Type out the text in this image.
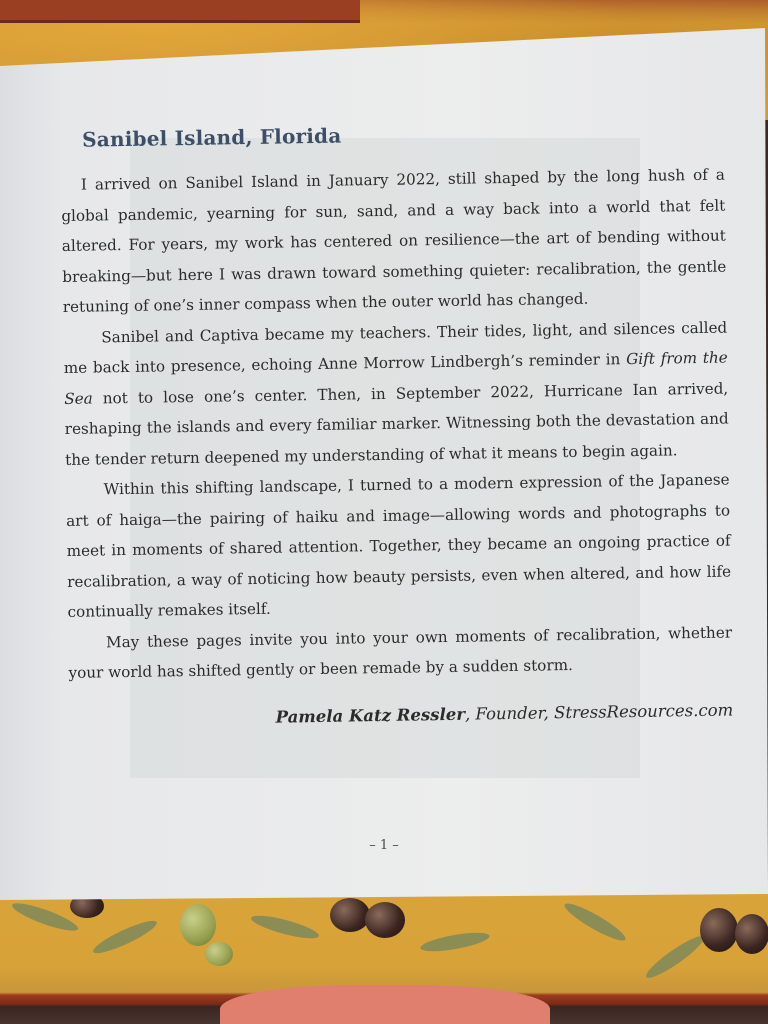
Sanibel Island, Florida

I arrived on Sanibel Island in January 2022, still shaped by the long hush of a global pandemic, yearning for sun, sand, and a way back into a world that felt altered. For years, my work has centered on resilience—the art of bending without breaking—but here I was drawn toward something quieter: recalibration, the gentle retuning of one’s inner compass when the outer world has changed.

Sanibel and Captiva became my teachers. Their tides, light, and silences called me back into presence, echoing Anne Morrow Lindbergh’s reminder in Gift from the Sea not to lose one’s center. Then, in September 2022, Hurricane Ian arrived, reshaping the islands and every familiar marker. Witnessing both the devastation and the tender return deepened my understanding of what it means to begin again.

Within this shifting landscape, I turned to a modern expression of the Japanese art of haiga—the pairing of haiku and image—allowing words and photographs to meet in moments of shared attention. Together, they became an ongoing practice of recalibration, a way of noticing how beauty persists, even when altered, and how life continually remakes itself.

May these pages invite you into your own moments of recalibration, whether your world has shifted gently or been remade by a sudden storm.

Pamela Katz Ressler, Founder, StressResources.com
– 1 –
